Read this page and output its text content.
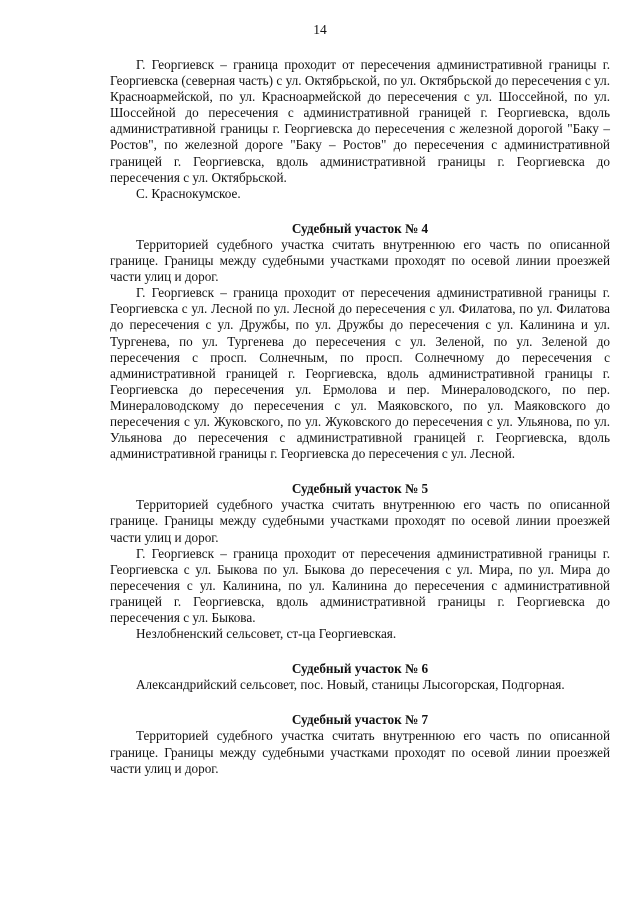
14

Г. Георгиевск – граница проходит от пересечения административной границы г. Георгиевска (северная часть) с ул. Октябрьской, по ул. Октябрьской до пересечения с ул. Красноармейской, по ул. Красноармейской до пересечения с ул. Шоссейной, по ул. Шоссейной до пересечения с административной границей г. Георгиевска, вдоль административной границы г. Георгиевска до пересечения с железной дорогой "Баку – Ростов", по железной дороге "Баку – Ростов" до пересечения с административной границей г. Георгиевска, вдоль административной границы г. Георгиевска до пересечения с ул. Октябрьской.

С. Краснокумское.

Судебный участок № 4

Территорией судебного участка считать внутреннюю его часть по описанной границе. Границы между судебными участками проходят по осевой линии проезжей части улиц и дорог.

Г. Георгиевск – граница проходит от пересечения административной границы г. Георгиевска с ул. Лесной по ул. Лесной до пересечения с ул. Филатова, по ул. Филатова до пересечения с ул. Дружбы, по ул. Дружбы до пересечения с ул. Калинина и ул. Тургенева, по ул. Тургенева до пересечения с ул. Зеленой, по ул. Зеленой до пересечения с просп. Солнечным, по просп. Солнечному до пересечения с административной границей г. Георгиевска, вдоль административной границы г. Георгиевска до пересечения ул. Ермолова и пер. Минераловодского, по пер. Минераловодскому до пересечения с ул. Маяковского, по ул. Маяковского до пересечения с ул. Жуковского, по ул. Жуковского до пересечения с ул. Ульянова, по ул. Ульянова до пересечения с административной границей г. Георгиевска, вдоль административной границы г. Георгиевска до пересечения с ул. Лесной.

Судебный участок № 5

Территорией судебного участка считать внутреннюю его часть по описанной границе. Границы между судебными участками проходят по осевой линии проезжей части улиц и дорог.

Г. Георгиевск – граница проходит от пересечения административной границы г. Георгиевска с ул. Быкова по ул. Быкова до пересечения с ул. Мира, по ул. Мира до пересечения с ул. Калинина, по ул. Калинина до пересечения с административной границей г. Георгиевска, вдоль административной границы г. Георгиевска до пересечения с ул. Быкова.

Незлобненский сельсовет, ст-ца Георгиевская.

Судебный участок № 6

Александрийский сельсовет, пос. Новый, станицы Лысогорская, Подгорная.

Судебный участок № 7

Территорией судебного участка считать внутреннюю его часть по описанной границе. Границы между судебными участками проходят по осевой линии проезжей части улиц и дорог.
